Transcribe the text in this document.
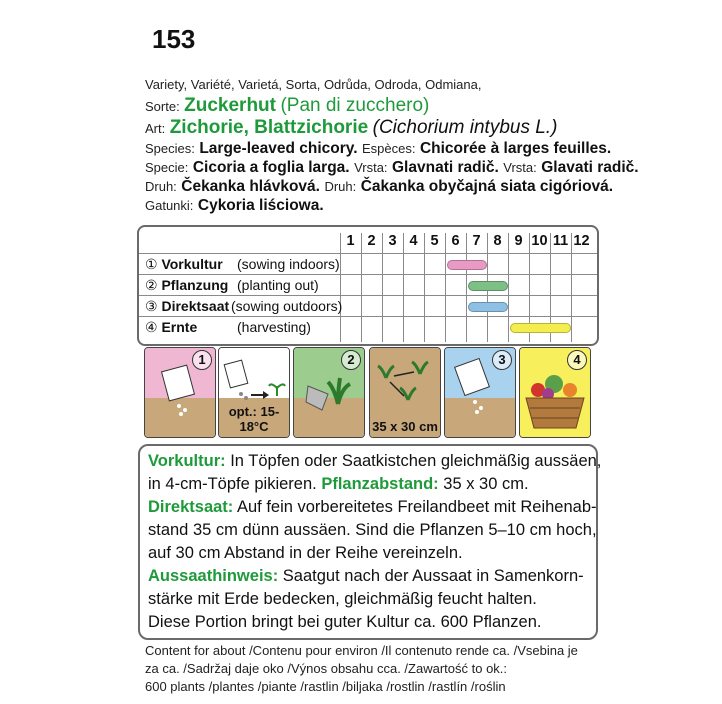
153
Variety, Variété, Varietá, Sorta, Odrůda, Odroda, Odmiana,
Sorte: Zuckerhut (Pan di zucchero)
Art: Zichorie, Blattzichorie (Cichorium intybus L.)
Species: Large-leaved chicory. Espèces: Chicorée à larges feuilles.
Specie: Cicoria a foglia larga. Vrsta: Glavnati radič. Vrsta: Glavati radič.
Druh: Čekanka hlávková. Druh: Čakanka obyčajná siata cigóriová.
Gatunki: Cykoria liściowa.
1 2 3 4 5 6 7 8 9 10 11 12
① Vorkultur (sowing indoors)
② Pflanzung (planting out)
③ Direktsaat (sowing outdoors)
④ Ernte	(harvesting)
1
opt.: 15-18°C
2
35 x 30 cm
3	4
Vorkultur: In Töpfen oder Saatkistchen gleichmäßig aussäen,
in 4-cm-Töpfe pikieren. Pflanzabstand: 35 x 30 cm.
Direktsaat: Auf fein vorbereitetes Freilandbeet mit Reihenab-
stand 35 cm dünn aussäen. Sind die Pflanzen 5–10 cm hoch,
auf 30 cm Abstand in der Reihe vereinzeln.
Aussaathinweis: Saatgut nach der Aussaat in Samenkorn-
stärke mit Erde bedecken, gleichmäßig feucht halten.
Diese Portion bringt bei guter Kultur ca. 600 Pflanzen.
Content for about /Contenu pour environ /Il contenuto rende ca. /Vsebina je
za ca. /Sadržaj daje oko /Výnos obsahu cca. /Zawartość to ok.:
600 plants /plantes /piante /rastlin /biljaka /rostlin /rastlín /roślin
